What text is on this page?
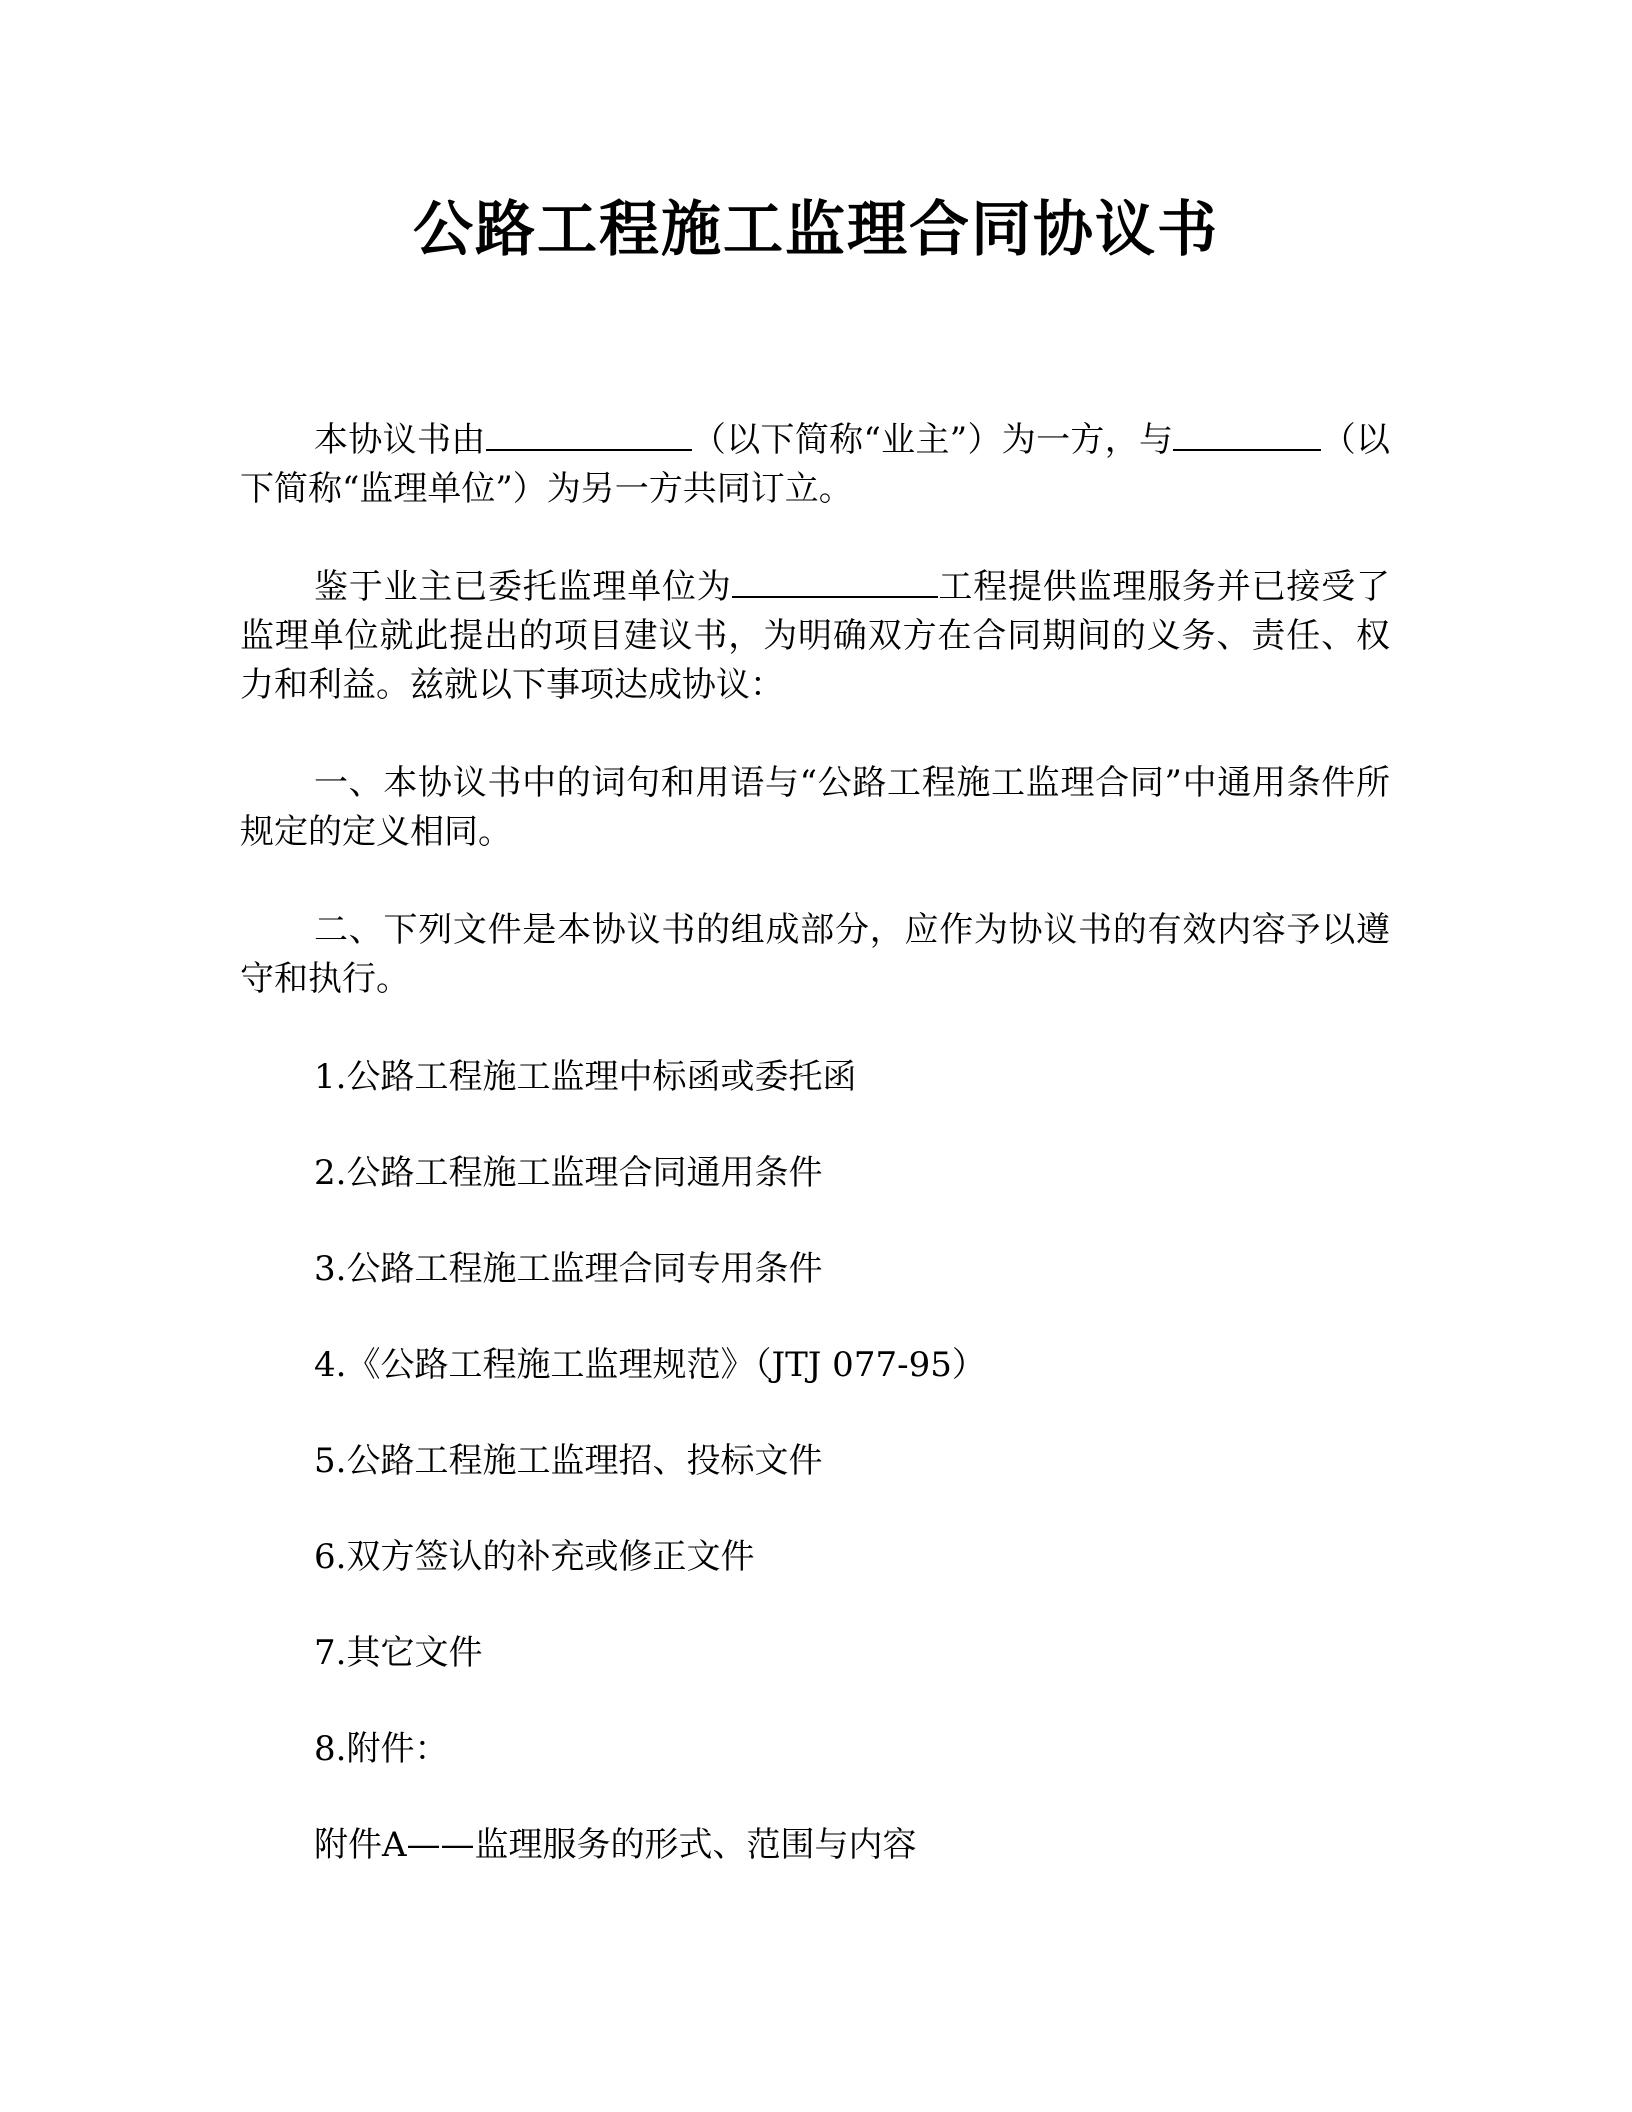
公路工程施工监理合同协议书

本协议书由	（以下简称“业主”）为一方，与	（以下简称“监理单位”）为另一方共同订立。

鉴于业主已委托监理单位为	工程提供监理服务并已接受了监理单位就此提出的项目建议书，为明确双方在合同期间的义务、责任、权力和利益。兹就以下事项达成协议：

一、本协议书中的词句和用语与“公路工程施工监理合同”中通用条件所规定的定义相同。

二、下列文件是本协议书的组成部分，应作为协议书的有效内容予以遵守和执行。

1.公路工程施工监理中标函或委托函
2.公路工程施工监理合同通用条件
3.公路工程施工监理合同专用条件
4.《公路工程施工监理规范》（JTJ 077-95）
5.公路工程施工监理招、投标文件
6.双方签认的补充或修正文件
7.其它文件
8.附件：
附件A——监理服务的形式、范围与内容
